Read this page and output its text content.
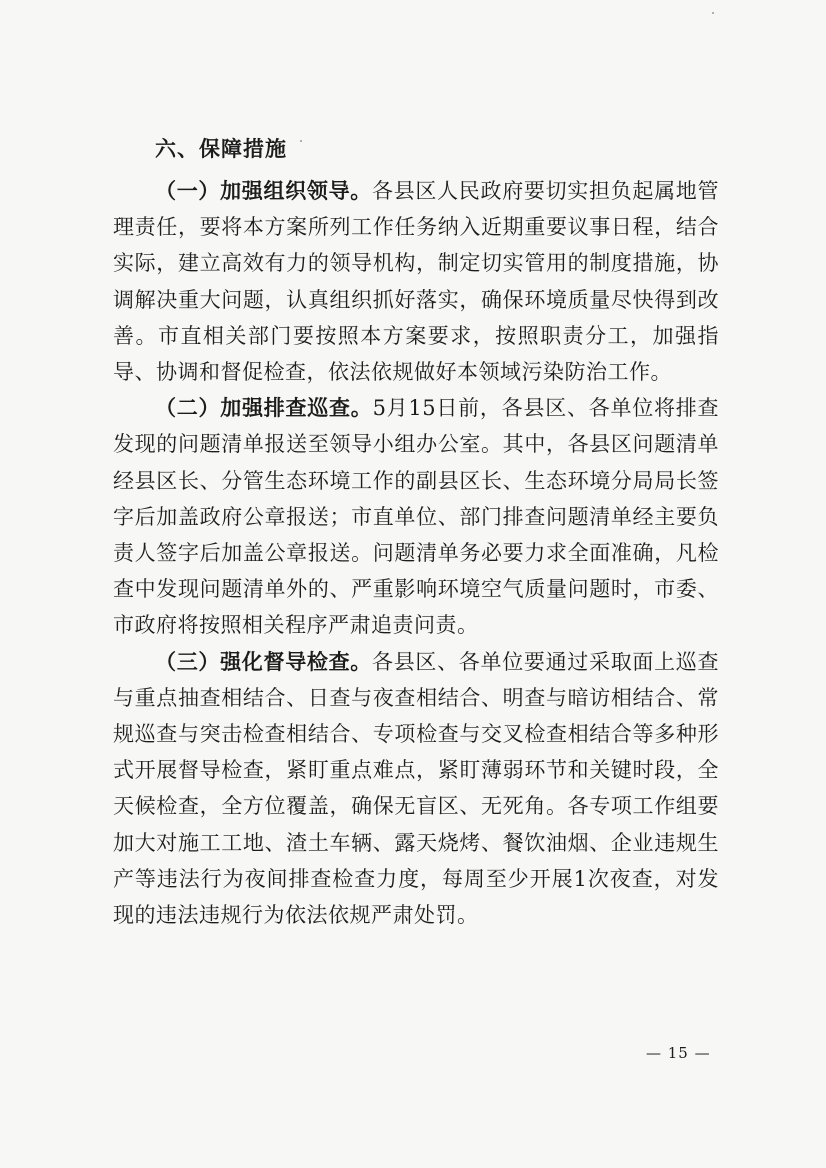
六、保障措施

（一）加强组织领导。各县区人民政府要切实担负起属地管理责任，要将本方案所列工作任务纳入近期重要议事日程，结合实际，建立高效有力的领导机构，制定切实管用的制度措施，协调解决重大问题，认真组织抓好落实，确保环境质量尽快得到改善。市直相关部门要按照本方案要求，按照职责分工，加强指导、协调和督促检查，依法依规做好本领域污染防治工作。

（二）加强排查巡查。5月15日前，各县区、各单位将排查发现的问题清单报送至领导小组办公室。其中，各县区问题清单经县区长、分管生态环境工作的副县区长、生态环境分局局长签字后加盖政府公章报送；市直单位、部门排查问题清单经主要负责人签字后加盖公章报送。问题清单务必要力求全面准确，凡检查中发现问题清单外的、严重影响环境空气质量问题时，市委、市政府将按照相关程序严肃追责问责。

（三）强化督导检查。各县区、各单位要通过采取面上巡查与重点抽查相结合、日查与夜查相结合、明查与暗访相结合、常规巡查与突击检查相结合、专项检查与交叉检查相结合等多种形式开展督导检查，紧盯重点难点，紧盯薄弱环节和关键时段，全天候检查，全方位覆盖，确保无盲区、无死角。各专项工作组要加大对施工工地、渣土车辆、露天烧烤、餐饮油烟、企业违规生产等违法行为夜间排查检查力度，每周至少开展1次夜查，对发现的违法违规行为依法依规严肃处罚。

— 15 —
